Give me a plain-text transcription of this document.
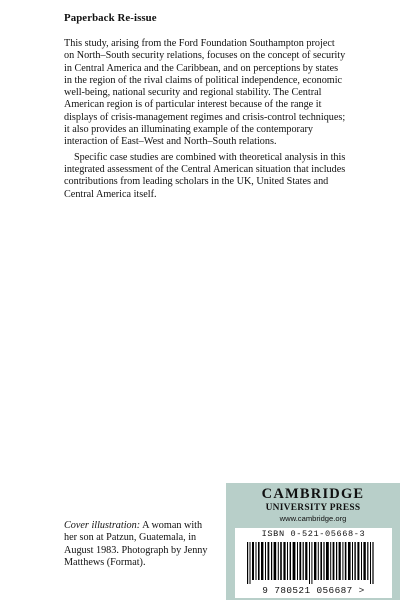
Paperback Re-issue

This study, arising from the Ford Foundation Southampton project on North–South security relations, focuses on the concept of security in Central America and the Caribbean, and on perceptions by states in the region of the rival claims of political independence, economic well-being, national security and regional stability. The Central American region is of particular interest because of the range it displays of crisis-management regimes and crisis-control techniques; it also provides an illuminating example of the contemporary interaction of East–West and North–South relations.

Specific case studies are combined with theoretical analysis in this integrated assessment of the Central American situation that includes contributions from leading scholars in the UK, United States and Central America itself.

Cover illustration: A woman with her son at Patzun, Guatemala, in August 1983. Photograph by Jenny Matthews (Format).
CAMBRIDGE
UNIVERSITY PRESS
www.cambridge.org
ISBN 0-521-05668-3
9 780521 056687 >
